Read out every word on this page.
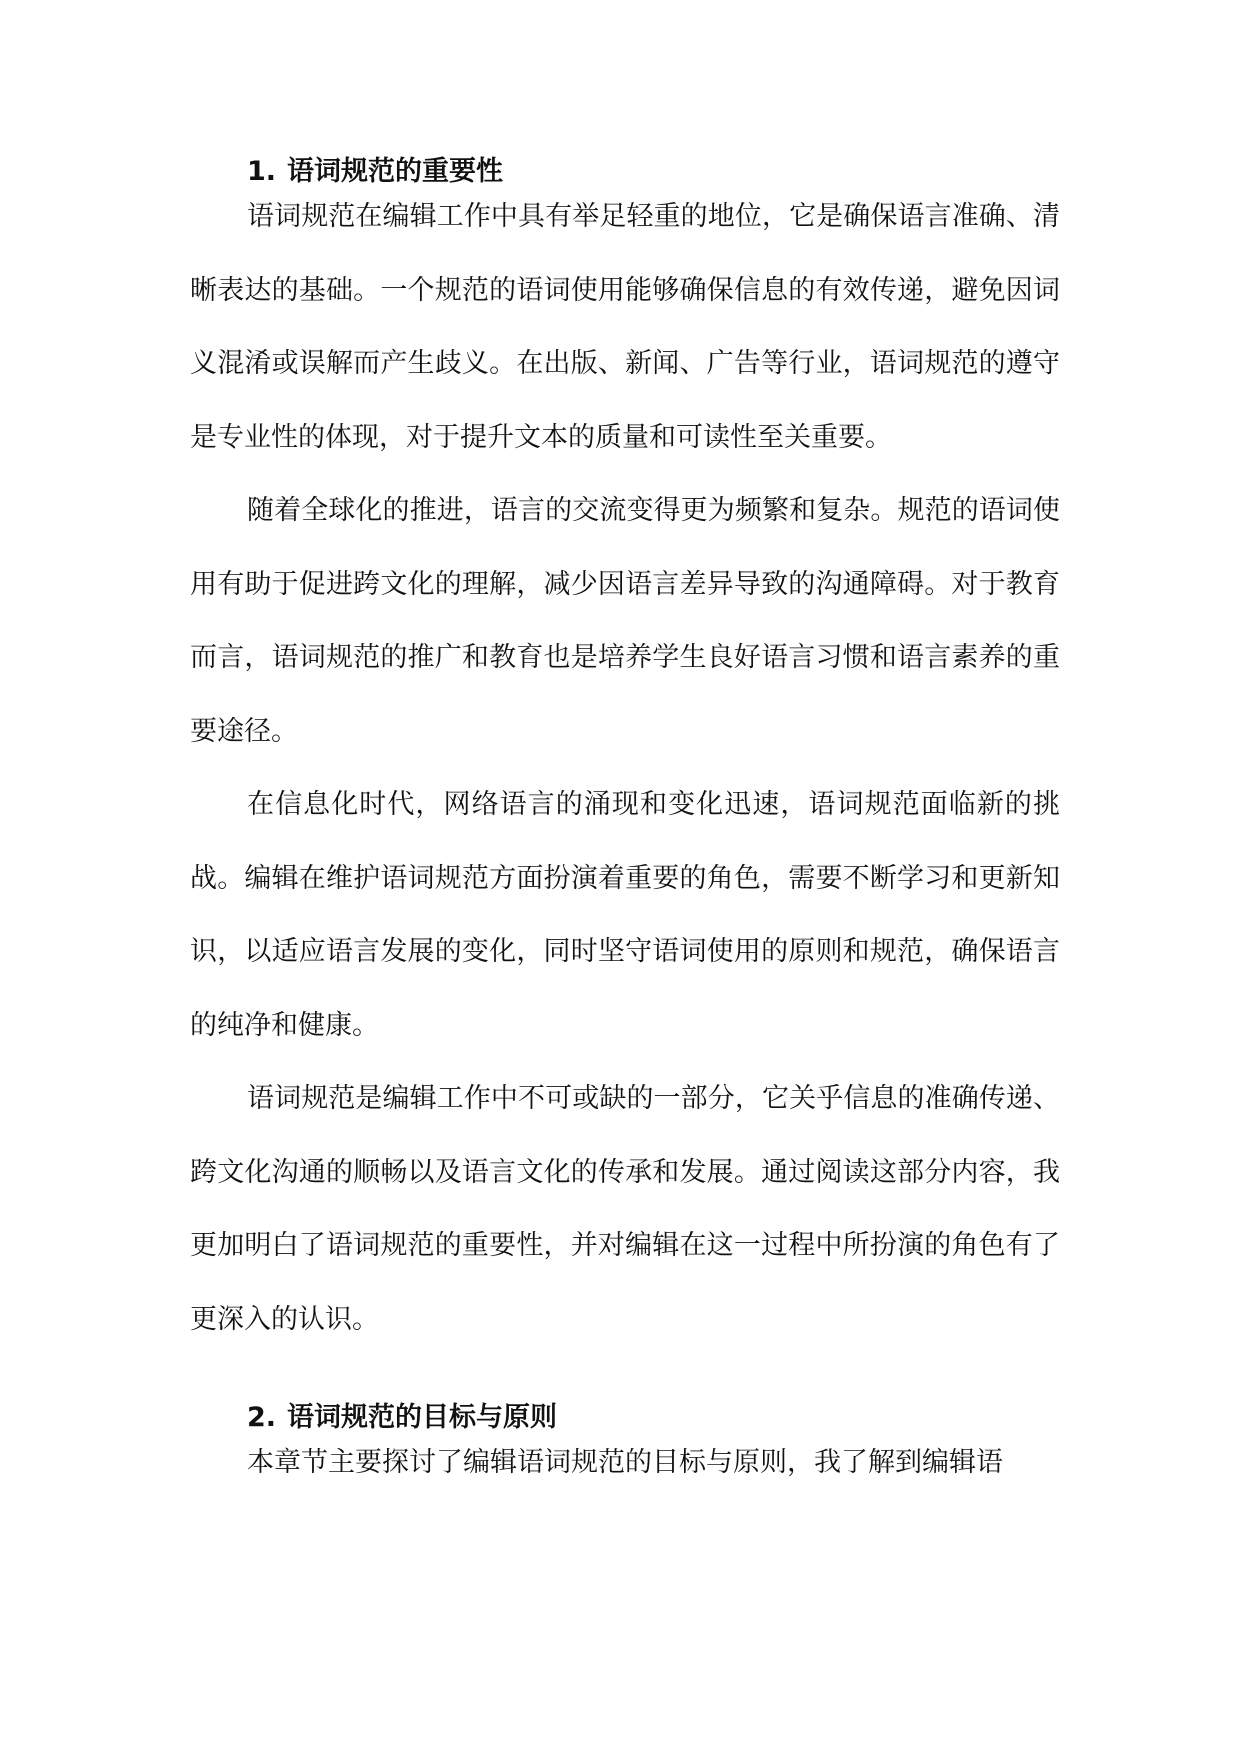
1. 语词规范的重要性

语词规范在编辑工作中具有举足轻重的地位，它是确保语言准确、清晰表达的基础。一个规范的语词使用能够确保信息的有效传递，避免因词义混淆或误解而产生歧义。在出版、新闻、广告等行业，语词规范的遵守是专业性的体现，对于提升文本的质量和可读性至关重要。

随着全球化的推进，语言的交流变得更为频繁和复杂。规范的语词使用有助于促进跨文化的理解，减少因语言差异导致的沟通障碍。对于教育而言，语词规范的推广和教育也是培养学生良好语言习惯和语言素养的重要途径。

在信息化时代，网络语言的涌现和变化迅速，语词规范面临新的挑战。编辑在维护语词规范方面扮演着重要的角色，需要不断学习和更新知识，以适应语言发展的变化，同时坚守语词使用的原则和规范，确保语言的纯净和健康。

语词规范是编辑工作中不可或缺的一部分，它关乎信息的准确传递、跨文化沟通的顺畅以及语言文化的传承和发展。通过阅读这部分内容，我更加明白了语词规范的重要性，并对编辑在这一过程中所扮演的角色有了更深入的认识。

2. 语词规范的目标与原则

本章节主要探讨了编辑语词规范的目标与原则，我了解到编辑语
